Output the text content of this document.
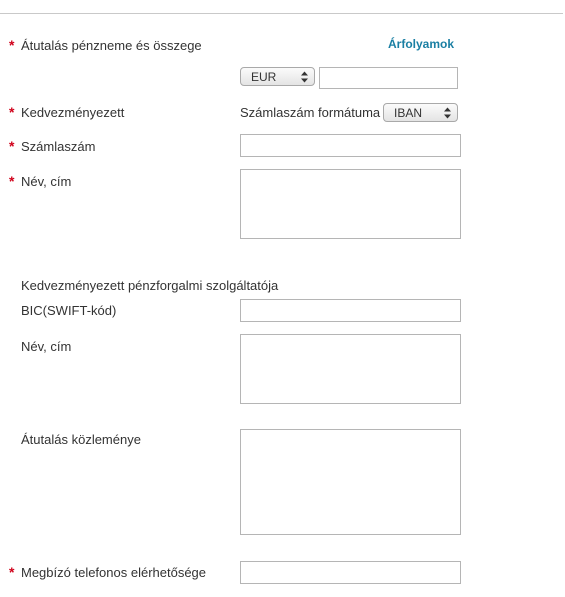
* Átutalás pénzneme és összege	Árfolyamok
EUR
* Kedvezményezett	Számlaszám formátuma IBAN
* Számlaszám
* Név, cím
Kedvezményezett pénzforgalmi szolgáltatója
BIC(SWIFT-kód)
Név, cím
Átutalás közleménye
* Megbízó telefonos elérhetősége
